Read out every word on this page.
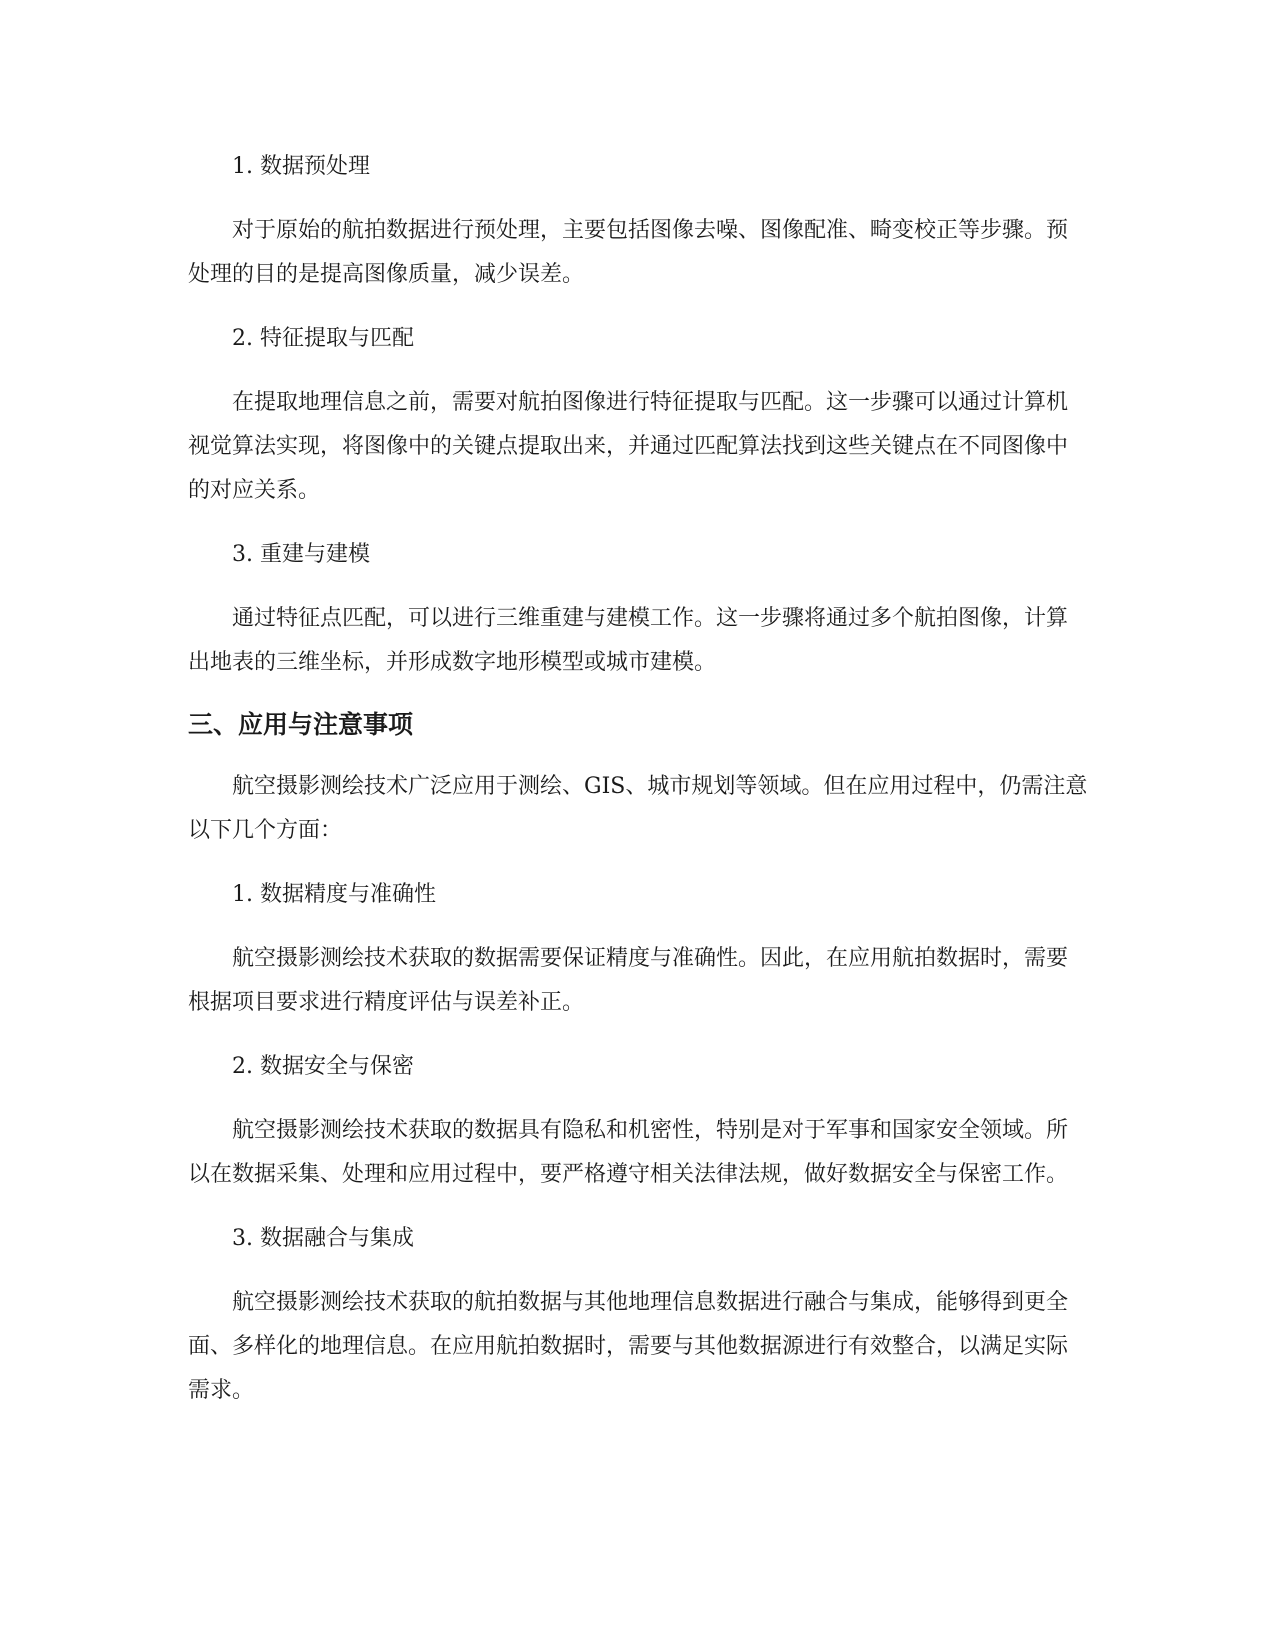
1. 数据预处理

对于原始的航拍数据进行预处理，主要包括图像去噪、图像配准、畸变校正等步骤。预处理的目的是提高图像质量，减少误差。

2. 特征提取与匹配

在提取地理信息之前，需要对航拍图像进行特征提取与匹配。这一步骤可以通过计算机视觉算法实现，将图像中的关键点提取出来，并通过匹配算法找到这些关键点在不同图像中的对应关系。

3. 重建与建模

通过特征点匹配，可以进行三维重建与建模工作。这一步骤将通过多个航拍图像，计算出地表的三维坐标，并形成数字地形模型或城市建模。

三、应用与注意事项

航空摄影测绘技术广泛应用于测绘、GIS、城市规划等领域。但在应用过程中，仍需注意以下几个方面：

1. 数据精度与准确性

航空摄影测绘技术获取的数据需要保证精度与准确性。因此，在应用航拍数据时，需要根据项目要求进行精度评估与误差补正。

2. 数据安全与保密

航空摄影测绘技术获取的数据具有隐私和机密性，特别是对于军事和国家安全领域。所以在数据采集、处理和应用过程中，要严格遵守相关法律法规，做好数据安全与保密工作。

3. 数据融合与集成

航空摄影测绘技术获取的航拍数据与其他地理信息数据进行融合与集成，能够得到更全面、多样化的地理信息。在应用航拍数据时，需要与其他数据源进行有效整合，以满足实际需求。
